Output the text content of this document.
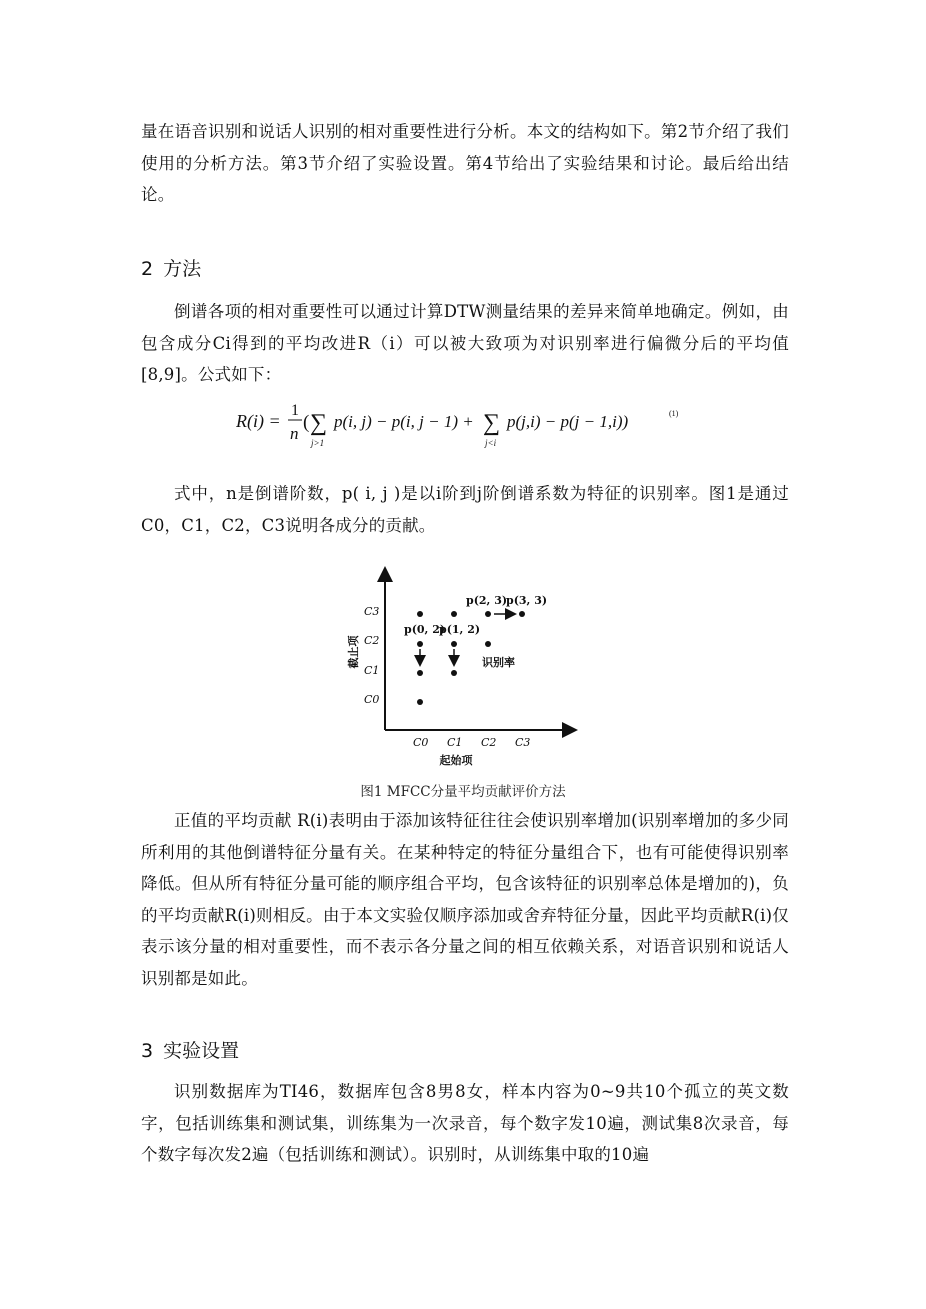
量在语音识别和说话人识别的相对重要性进行分析。本文的结构如下。第2节介绍了我们使用的分析方法。第3节介绍了实验设置。第4节给出了实验结果和讨论。最后给出结论。

2 方法

倒谱各项的相对重要性可以通过计算DTW测量结果的差异来简单地确定。例如，由包含成分Ci得到的平均改进R（i）可以被大致项为对识别率进行偏微分后的平均值[8,9]。公式如下：

R(i) =
1
n
( ∑
j>1
p(i, j) − p(i, j − 1) + ∑
j<i
p(j,i) − p(j − 1,i))	(1)

式中，n是倒谱阶数，p( i, j )是以i阶到j阶倒谱系数为特征的识别率。图1是通过C0，C1，C2，C3说明各成分的贡献。

C3
C2
C1
C0
C0 C1 C2 C3
截止项
起始项
p(0, 2)
p(1, 2)
p(2, 3)
p(3, 3)
识别率
图1 MFCC分量平均贡献评价方法

正值的平均贡献 R(i)表明由于添加该特征往往会使识别率增加(识别率增加的多少同所利用的其他倒谱特征分量有关。在某种特定的特征分量组合下，也有可能使得识别率降低。但从所有特征分量可能的顺序组合平均，包含该特征的识别率总体是增加的)，负的平均贡献R(i)则相反。由于本文实验仅顺序添加或舍弃特征分量，因此平均贡献R(i)仅表示该分量的相对重要性，而不表示各分量之间的相互依赖关系，对语音识别和说话人识别都是如此。

3 实验设置

识别数据库为TI46，数据库包含8男8女，样本内容为0~9共10个孤立的英文数字，包括训练集和测试集，训练集为一次录音，每个数字发10遍，测试集8次录音，每个数字每次发2遍（包括训练和测试）。识别时，从训练集中取的10遍
